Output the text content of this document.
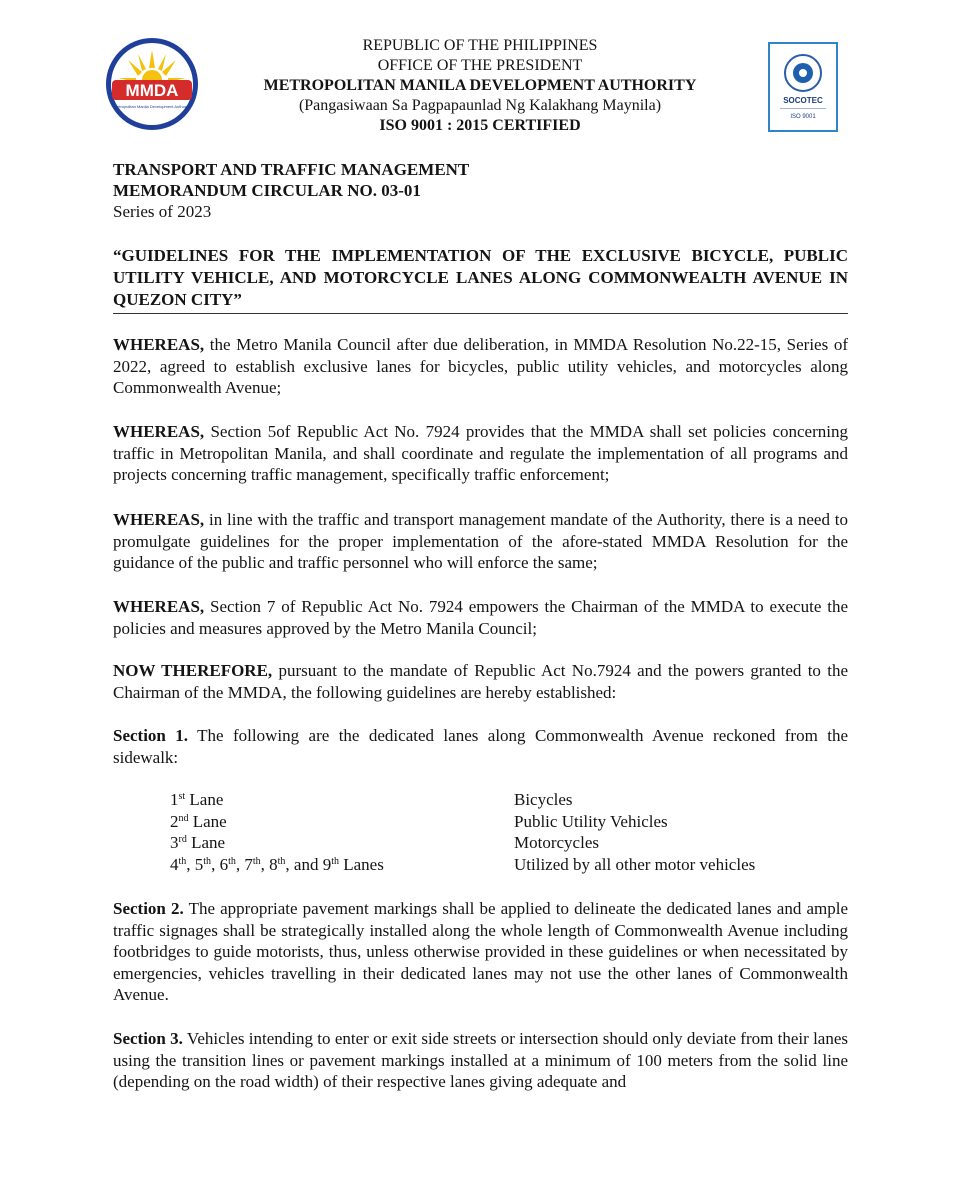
MMDA
Metropolitan Manila Development Authority
REPUBLIC OF THE PHILIPPINES
OFFICE OF THE PRESIDENT
METROPOLITAN MANILA DEVELOPMENT AUTHORITY
(Pangasiwaan Sa Pagpapaunlad Ng Kalakhang Maynila)
ISO 9001 : 2015 CERTIFIED
SOCOTEC
ISO 9001
TRANSPORT AND TRAFFIC MANAGEMENT
MEMORANDUM CIRCULAR NO. 03-01
Series of 2023
“GUIDELINES FOR THE IMPLEMENTATION OF THE EXCLUSIVE BICYCLE, PUBLIC UTILITY VEHICLE, AND MOTORCYCLE LANES ALONG COMMONWEALTH AVENUE IN QUEZON CITY”
WHEREAS, the Metro Manila Council after due deliberation, in MMDA Resolution No.22-15, Series of 2022, agreed to establish exclusive lanes for bicycles, public utility vehicles, and motorcycles along Commonwealth Avenue;
WHEREAS, Section 5of Republic Act No. 7924 provides that the MMDA shall set policies concerning traffic in Metropolitan Manila, and shall coordinate and regulate the implementation of all programs and projects concerning traffic management, specifically traffic enforcement;
WHEREAS, in line with the traffic and transport management mandate of the Authority, there is a need to promulgate guidelines for the proper implementation of the afore-stated MMDA Resolution for the guidance of the public and traffic personnel who will enforce the same;
WHEREAS, Section 7 of Republic Act No. 7924 empowers the Chairman of the MMDA to execute the policies and measures approved by the Metro Manila Council;
NOW THEREFORE, pursuant to the mandate of Republic Act No.7924 and the powers granted to the Chairman of the MMDA, the following guidelines are hereby established:
Section 1. The following are the dedicated lanes along Commonwealth Avenue reckoned from the sidewalk:
1st Lane	Bicycles
2nd Lane	Public Utility Vehicles
3rd Lane	Motorcycles
4th, 5th, 6th, 7th, 8th, and 9th Lanes	Utilized by all other motor vehicles
Section 2. The appropriate pavement markings shall be applied to delineate the dedicated lanes and ample traffic signages shall be strategically installed along the whole length of Commonwealth Avenue including footbridges to guide motorists, thus, unless otherwise provided in these guidelines or when necessitated by emergencies, vehicles travelling in their dedicated lanes may not use the other lanes of Commonwealth Avenue.
Section 3. Vehicles intending to enter or exit side streets or intersection should only deviate from their lanes using the transition lines or pavement markings installed at a minimum of 100 meters from the solid line (depending on the road width) of their respective lanes giving adequate and
